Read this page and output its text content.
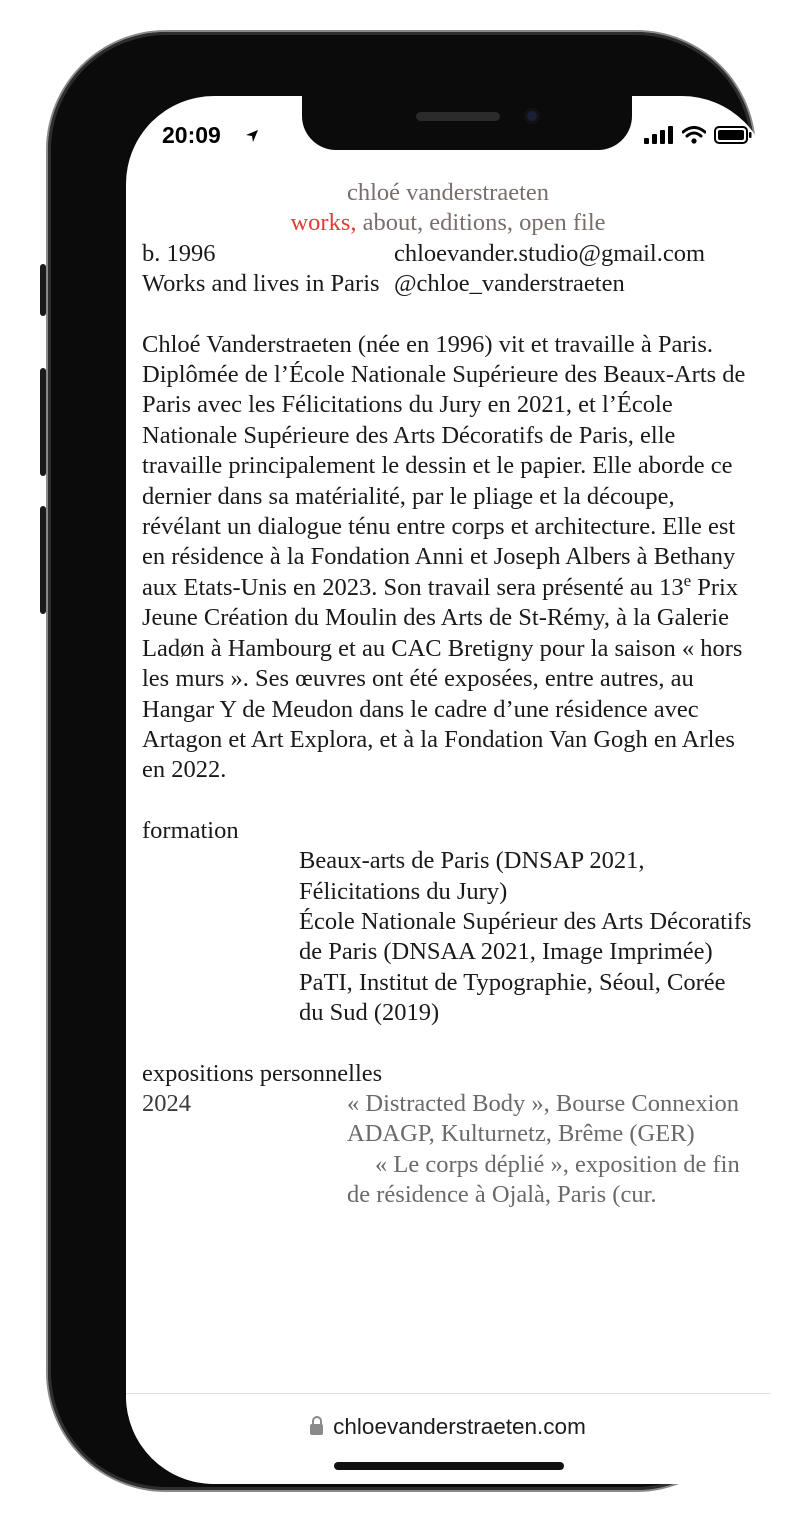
20:09
chloé vanderstraeten
works, about, editions, open file
b. 1996
Works and lives in Paris
chloevander.studio@gmail.com
@chloe_vanderstraeten
Chloé Vanderstraeten (née en 1996) vit et travaille à Paris. Diplômée de l’École Nationale Supérieure des Beaux-Arts de Paris avec les Félicitations du Jury en 2021, et l’École Nationale Supérieure des Arts Décoratifs de Paris, elle travaille principalement le dessin et le papier. Elle aborde ce dernier dans sa matérialité, par le pliage et la découpe, révélant un dialogue ténu entre corps et architecture. Elle est en résidence à la Fondation Anni et Joseph Albers à Bethany aux Etats-Unis en 2023. Son travail sera présenté au 13e Prix Jeune Création du Moulin des Arts de St-Rémy, à la Galerie Ladøn à Hambourg et au CAC Bretigny pour la saison « hors les murs ». Ses œuvres ont été exposées, entre autres, au Hangar Y de Meudon dans le cadre d’une résidence avec Artagon et Art Explora, et à la Fondation Van Gogh en Arles en 2022.
formation
Beaux-arts de Paris (DNSAP 2021, Félicitations du Jury)
École Nationale Supérieur des Arts Décoratifs de Paris (DNSAA 2021, Image Imprimée)
PaTI, Institut de Typographie, Séoul, Corée du Sud (2019)
expositions personnelles
2024	« Distracted Body », Bourse Connexion ADAGP, Kulturnetz, Brême (GER)
« Le corps déplié », exposition de fin de résidence à Ojalà, Paris (cur.
chloevanderstraeten.com
